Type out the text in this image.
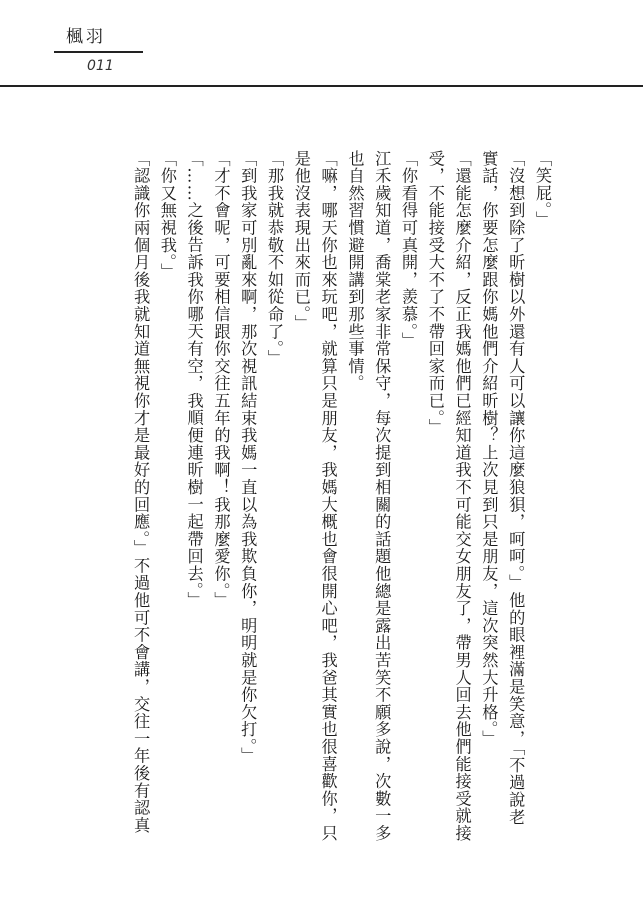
楓羽
011

「笑屁。」

「沒想到除了昕樹以外還有人可以讓你這麼狼狽，呵呵。」他的眼裡滿是笑意，「不過說老

實話，你要怎麼跟你媽他們介紹昕樹？上次見到只是朋友，這次突然大升格。」

「還能怎麼介紹，反正我媽他們已經知道我不可能交女朋友了，帶男人回去他們能接受就接

受，不能接受大不了不帶回家而已。」

「你看得可真開，羨慕。」

江禾歲知道，喬棠老家非常保守，每次提到相關的話題他總是露出苦笑不願多說，次數一多

也自然習慣避開講到那些事情。

「嘛，哪天你也來玩吧，就算只是朋友，我媽大概也會很開心吧，我爸其實也很喜歡你，只

是他沒表現出來而已。」

「那我就恭敬不如從命了。」

「到我家可別亂來啊，那次視訊結束我媽一直以為我欺負你，明明就是你欠打。」

「才不會呢，可要相信跟你交往五年的我啊！我那麼愛你。」

「……之後告訴我你哪天有空，我順便連昕樹一起帶回去。」

「你又無視我。」

「認識你兩個月後我就知道無視你才是最好的回應。」不過他可不會講，交往一年後有認真
